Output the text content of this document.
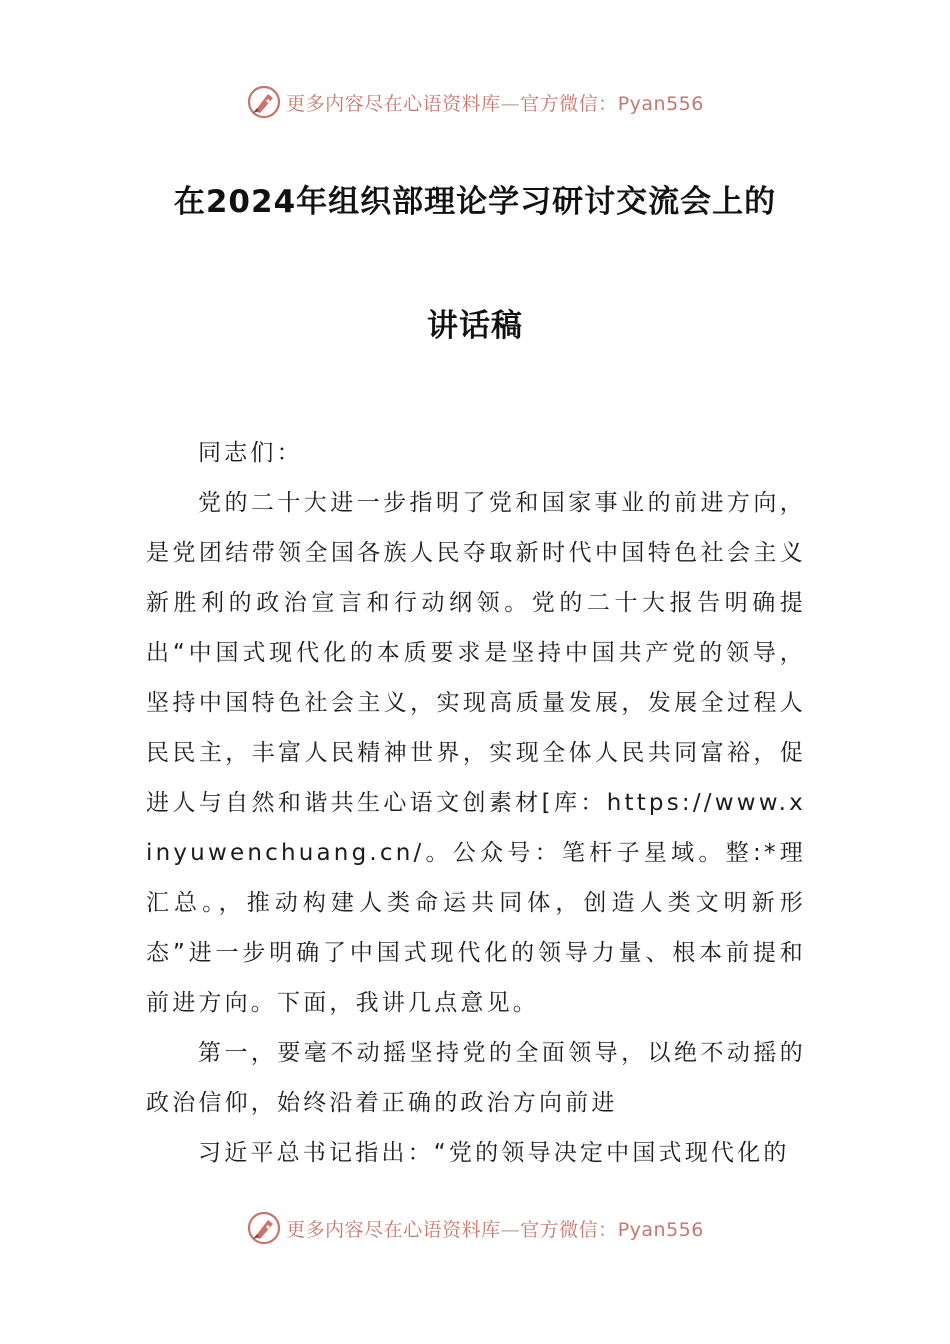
更多内容尽在心语资料库—官方微信：Pyan556
在2024年组织部理论学习研讨交流会上的
讲话稿

同志们：

党的二十大进一步指明了党和国家事业的前进方向，是党团结带领全国各族人民夺取新时代中国特色社会主义新胜利的政治宣言和行动纲领。党的二十大报告明确提出“中国式现代化的本质要求是坚持中国共产党的领导，坚持中国特色社会主义，实现高质量发展，发展全过程人民民主，丰富人民精神世界，实现全体人民共同富裕，促进人与自然和谐共生心语文创素材[库：https://www.xinyuwenchuang.cn/。公众号：笔杆子星域。整:*理汇总。，推动构建人类命运共同体，创造人类文明新形态”进一步明确了中国式现代化的领导力量、根本前提和前进方向。下面，我讲几点意见。

第一，要毫不动摇坚持党的全面领导，以绝不动摇的政治信仰，始终沿着正确的政治方向前进

习近平总书记指出：“党的领导决定中国式现代化的

更多内容尽在心语资料库—官方微信：Pyan556
